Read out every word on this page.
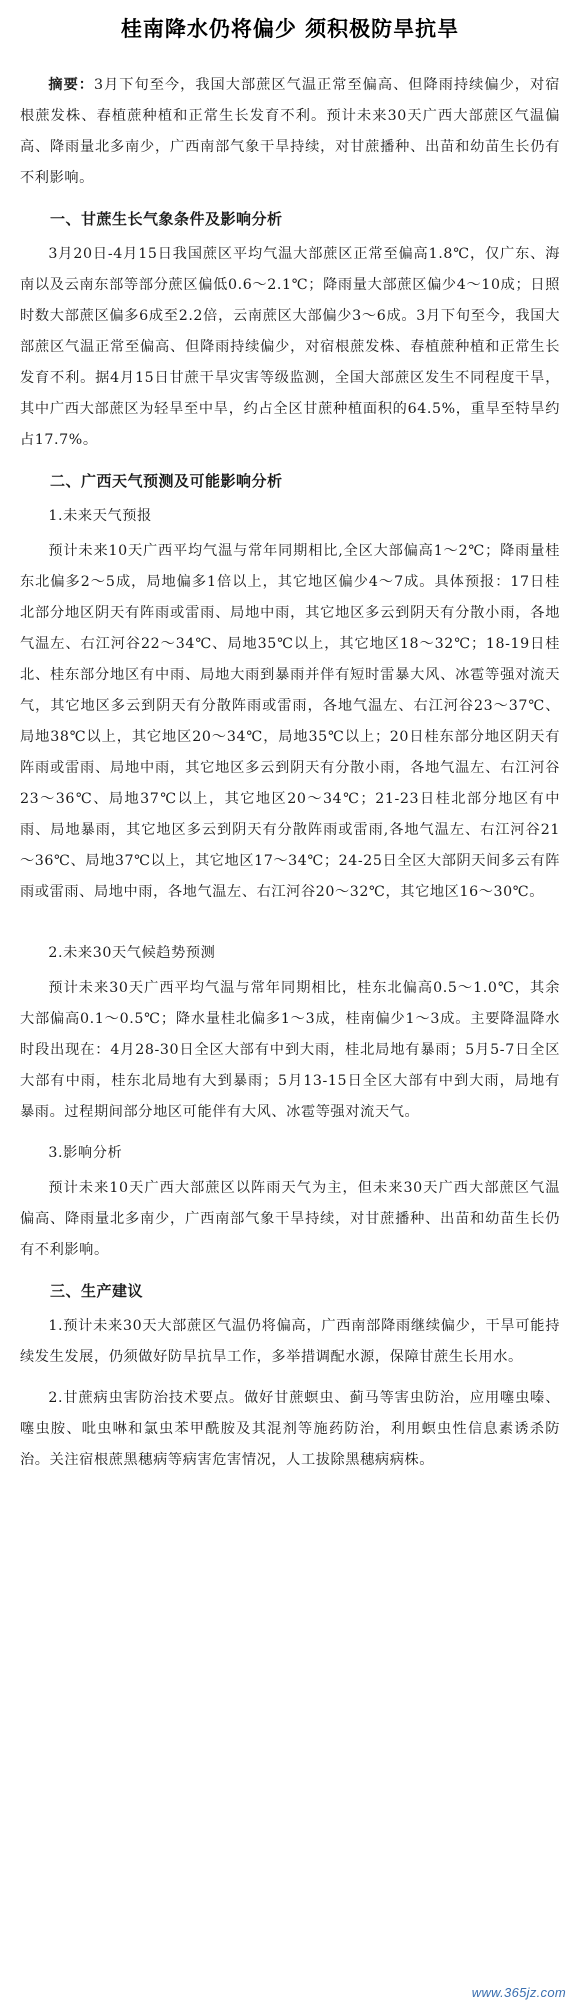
桂南降水仍将偏少 须积极防旱抗旱

摘要：3月下旬至今，我国大部蔗区气温正常至偏高、但降雨持续偏少，对宿根蔗发株、春植蔗种植和正常生长发育不利。预计未来30天广西大部蔗区气温偏高、降雨量北多南少，广西南部气象干旱持续，对甘蔗播种、出苗和幼苗生长仍有不利影响。

一、甘蔗生长气象条件及影响分析

3月20日-4月15日我国蔗区平均气温大部蔗区正常至偏高1.8℃，仅广东、海南以及云南东部等部分蔗区偏低0.6～2.1℃；降雨量大部蔗区偏少4～10成；日照时数大部蔗区偏多6成至2.2倍，云南蔗区大部偏少3～6成。3月下旬至今，我国大部蔗区气温正常至偏高、但降雨持续偏少，对宿根蔗发株、春植蔗种植和正常生长发育不利。据4月15日甘蔗干旱灾害等级监测，全国大部蔗区发生不同程度干旱，其中广西大部蔗区为轻旱至中旱，约占全区甘蔗种植面积的64.5%，重旱至特旱约占17.7%。

二、广西天气预测及可能影响分析
1.未来天气预报

预计未来10天广西平均气温与常年同期相比,全区大部偏高1～2℃；降雨量桂东北偏多2～5成，局地偏多1倍以上，其它地区偏少4～7成。具体预报：17日桂北部分地区阴天有阵雨或雷雨、局地中雨，其它地区多云到阴天有分散小雨，各地气温左、右江河谷22～34℃、局地35℃以上，其它地区18～32℃；18-19日桂北、桂东部分地区有中雨、局地大雨到暴雨并伴有短时雷暴大风、冰雹等强对流天气，其它地区多云到阴天有分散阵雨或雷雨，各地气温左、右江河谷23～37℃、局地38℃以上，其它地区20～34℃，局地35℃以上；20日桂东部分地区阴天有阵雨或雷雨、局地中雨，其它地区多云到阴天有分散小雨，各地气温左、右江河谷23～36℃、局地37℃以上，其它地区20～34℃；21-23日桂北部分地区有中雨、局地暴雨，其它地区多云到阴天有分散阵雨或雷雨,各地气温左、右江河谷21～36℃、局地37℃以上，其它地区17～34℃；24-25日全区大部阴天间多云有阵雨或雷雨、局地中雨，各地气温左、右江河谷20～32℃，其它地区16～30℃。

2.未来30天气候趋势预测

预计未来30天广西平均气温与常年同期相比，桂东北偏高0.5～1.0℃，其余大部偏高0.1～0.5℃；降水量桂北偏多1～3成，桂南偏少1～3成。主要降温降水时段出现在：4月28-30日全区大部有中到大雨，桂北局地有暴雨；5月5-7日全区大部有中雨，桂东北局地有大到暴雨；5月13-15日全区大部有中到大雨，局地有暴雨。过程期间部分地区可能伴有大风、冰雹等强对流天气。

3.影响分析

预计未来10天广西大部蔗区以阵雨天气为主，但未来30天广西大部蔗区气温偏高、降雨量北多南少，广西南部气象干旱持续，对甘蔗播种、出苗和幼苗生长仍有不利影响。

三、生产建议

1.预计未来30天大部蔗区气温仍将偏高，广西南部降雨继续偏少，干旱可能持续发生发展，仍须做好防旱抗旱工作，多举措调配水源，保障甘蔗生长用水。

2.甘蔗病虫害防治技术要点。做好甘蔗螟虫、蓟马等害虫防治，应用噻虫嗪、噻虫胺、吡虫啉和氯虫苯甲酰胺及其混剂等施药防治，利用螟虫性信息素诱杀防治。关注宿根蔗黑穗病等病害危害情况，人工拔除黑穗病病株。

www.365jz.com
